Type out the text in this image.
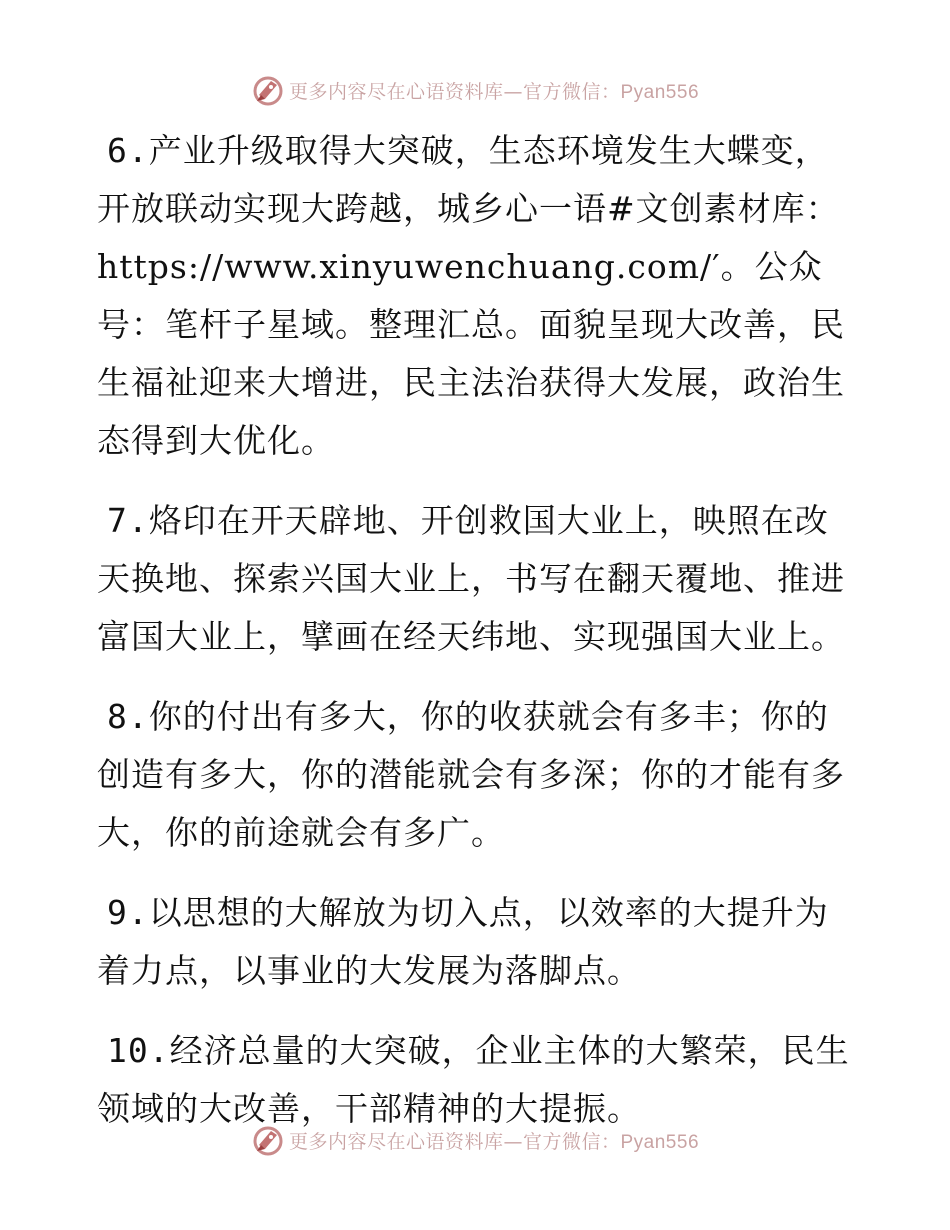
更多内容尽在心语资料库—官方微信：Pyan556

6.产业升级取得大突破，生态环境发生大蝶变，开放联动实现大跨越，城乡心一语#文创素材库：https://www.xinyuwenchuang.com/′。公众号：笔杆子星域。整理汇总。面貌呈现大改善，民生福祉迎来大增进，民主法治获得大发展，政治生态得到大优化。

7.烙印在开天辟地、开创救国大业上，映照在改天换地、探索兴国大业上，书写在翻天覆地、推进富国大业上，擘画在经天纬地、实现强国大业上。

8.你的付出有多大，你的收获就会有多丰；你的创造有多大，你的潜能就会有多深；你的才能有多大，你的前途就会有多广。

9.以思想的大解放为切入点，以效率的大提升为着力点，以事业的大发展为落脚点。

10.经济总量的大突破，企业主体的大繁荣，民生领域的大改善，干部精神的大提振。

更多内容尽在心语资料库—官方微信：Pyan556
